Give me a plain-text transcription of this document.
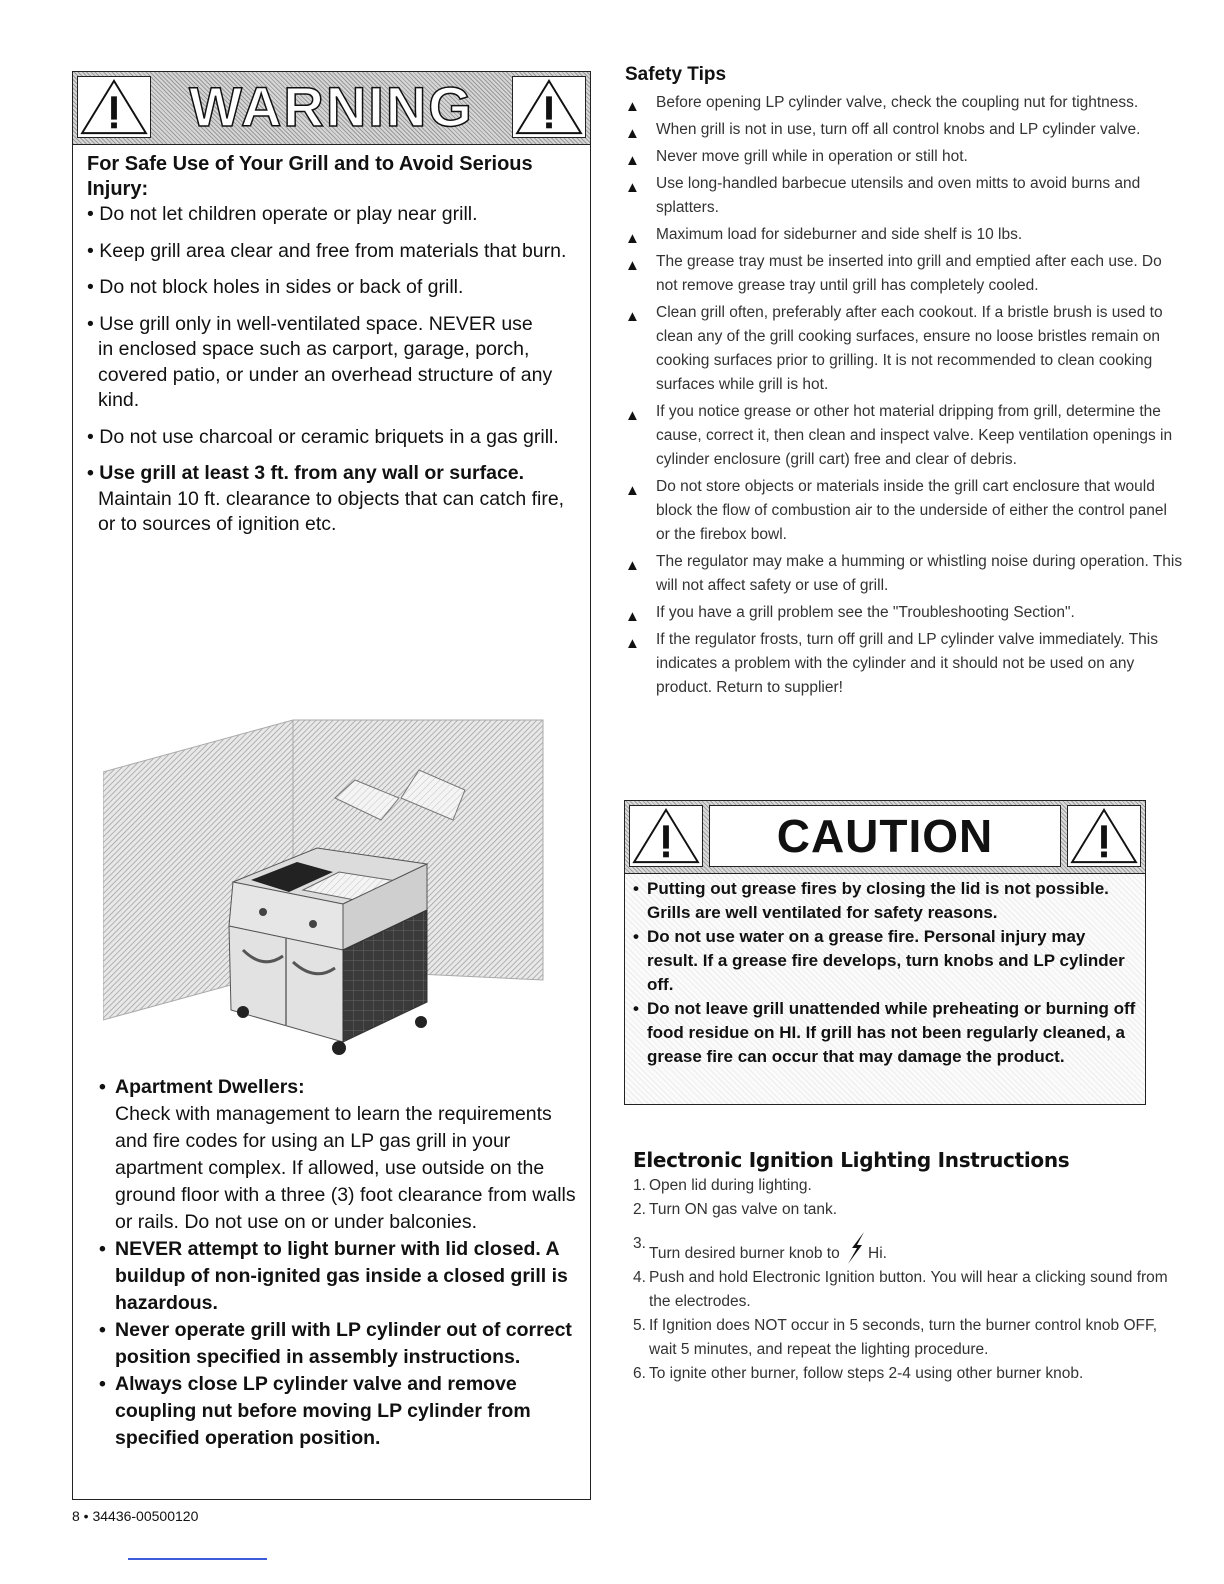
WARNING
For Safe Use of Your Grill and to Avoid Serious Injury:
• Do not let children operate or play near grill.
• Keep grill area clear and free from materials that burn.
• Do not block holes in sides or back of grill.
• Use grill only in well-ventilated space. NEVER use
in enclosed space such as carport, garage, porch, covered patio, or under an overhead structure of any kind.
• Do not use charcoal or ceramic briquets in a gas grill.
• Use grill at least 3 ft. from any wall or surface.
Maintain 10 ft. clearance to objects that can catch fire, or to sources of ignition etc.
• Apartment Dwellers:
Check with management to learn the requirements and fire codes for using an LP gas grill in your apartment complex. If allowed, use outside on the ground floor with a three (3) foot clearance from walls or rails. Do not use on or under balconies.
• NEVER attempt to light burner with lid closed. A buildup of non-ignited gas inside a closed grill is hazardous.
• Never operate grill with LP cylinder out of correct position specified in assembly instructions.
• Always close LP cylinder valve and remove coupling nut before moving LP cylinder from specified operation position.
8 • 34436-00500120
Safety Tips
▲ Before opening LP cylinder valve, check the coupling nut for tightness.
▲ When grill is not in use, turn off all control knobs and LP cylinder valve.
▲ Never move grill while in operation or still hot.
▲ Use long-handled barbecue utensils and oven mitts to avoid burns and splatters.
▲ Maximum load for sideburner and side shelf is 10 lbs.
▲ The grease tray must be inserted into grill and emptied after each use. Do not remove grease tray until grill has completely cooled.
▲ Clean grill often, preferably after each cookout. If a bristle brush is used to clean any of the grill cooking surfaces, ensure no loose bristles remain on cooking surfaces prior to grilling. It is not recommended to clean cooking surfaces while grill is hot.
▲ If you notice grease or other hot material dripping from grill, determine the cause, correct it, then clean and inspect valve. Keep ventilation openings in cylinder enclosure (grill cart) free and clear of debris.
▲ Do not store objects or materials inside the grill cart enclosure that would block the flow of combustion air to the underside of either the control panel or the firebox bowl.
▲ The regulator may make a humming or whistling noise during operation. This will not affect safety or use of grill.
▲ If you have a grill problem see the "Troubleshooting Section".
▲ If the regulator frosts, turn off grill and LP cylinder valve immediately. This indicates a problem with the cylinder and it should not be used on any product. Return to supplier!
CAUTION
• Putting out grease fires by closing the lid is not possible. Grills are well ventilated for safety reasons.
• Do not use water on a grease fire. Personal injury may result. If a grease fire develops, turn knobs and LP cylinder off.
• Do not leave grill unattended while preheating or burning off food residue on HI. If grill has not been regularly cleaned, a grease fire can occur that may damage the product.
Electronic Ignition Lighting Instructions
1. Open lid during lighting.
2. Turn ON gas valve on tank.
3.
Turn desired burner knob to Hi.
4. Push and hold Electronic Ignition button. You will hear a clicking sound from the electrodes.
5. If Ignition does NOT occur in 5 seconds, turn the burner control knob OFF, wait 5 minutes, and repeat the lighting procedure.
6. To ignite other burner, follow steps 2-4 using other burner knob.
